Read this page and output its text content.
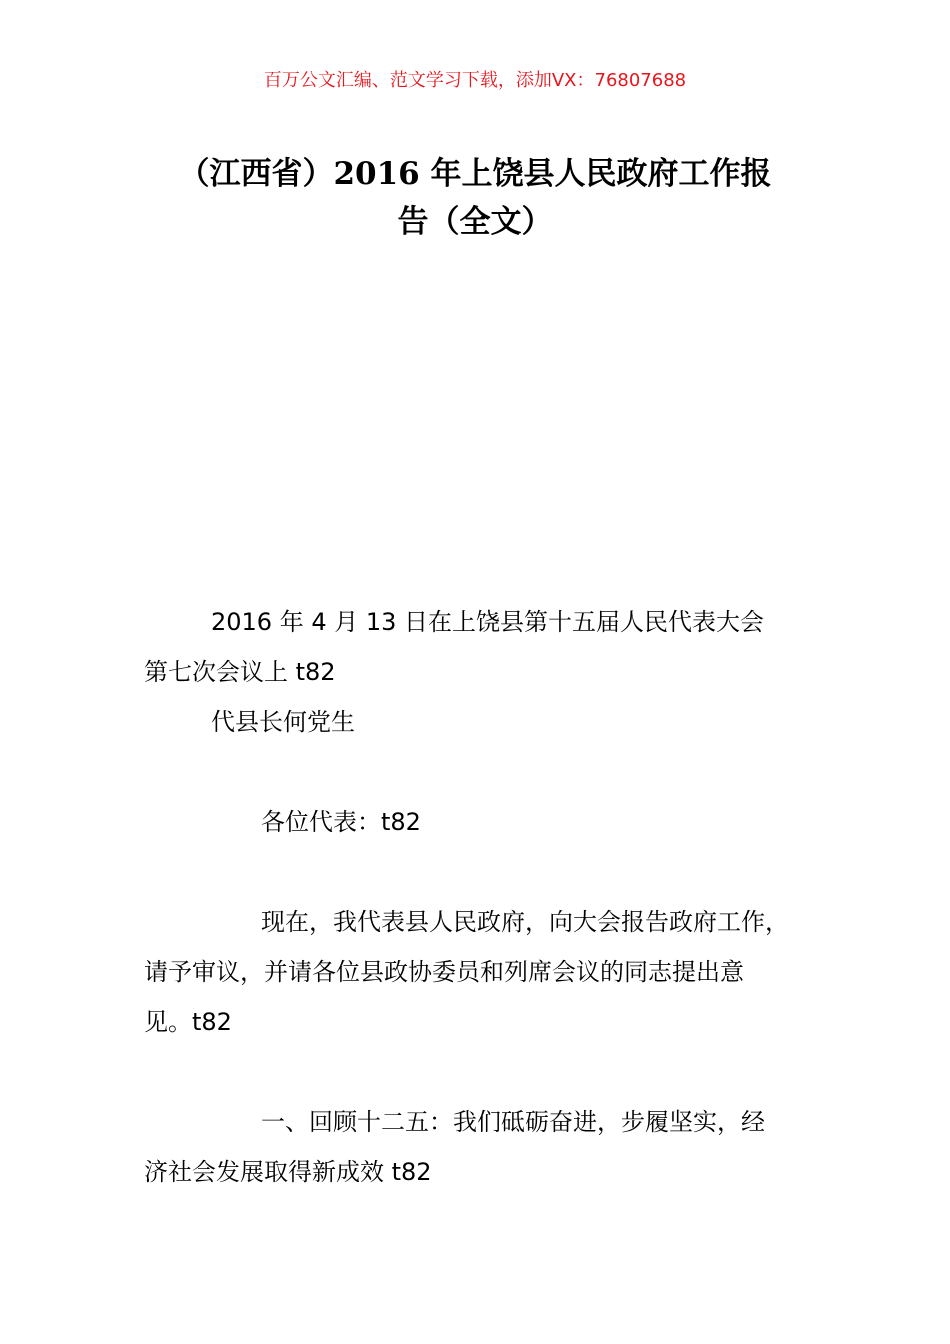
百万公文汇编、范文学习下载，添加VX：76807688
（江西省）2016 年上饶县人民政府工作报
告（全文）

2016 年 4 月 13 日在上饶县第十五届人民代表大会
第七次会议上 t82

代县长何党生

各位代表：t82

现在，我代表县人民政府，向大会报告政府工作，
请予审议，并请各位县政协委员和列席会议的同志提出意
见。t82

一、回顾十二五：我们砥砺奋进，步履坚实，经
济社会发展取得新成效 t82
